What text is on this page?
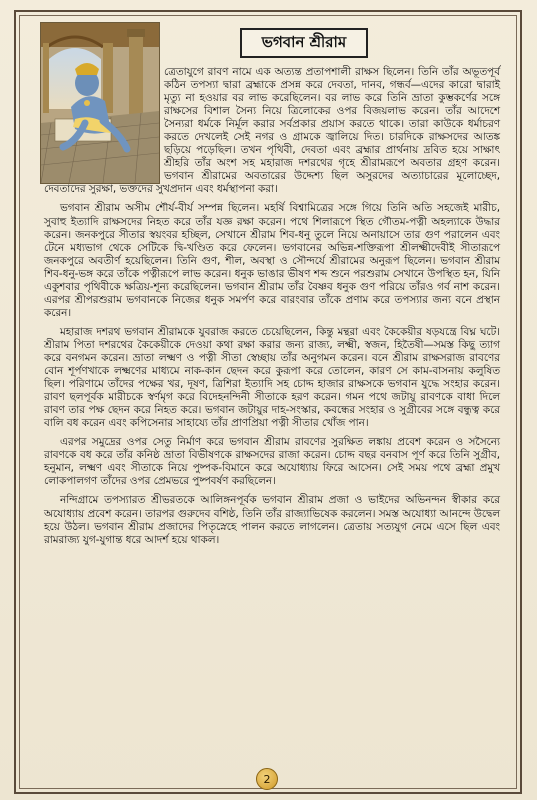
ভগবান শ্রীরাম

ত্রেতাযুগে রাবণ নামে এক অত্যন্ত প্রতাপশালী রাক্ষস ছিলেন। তিনি তাঁর অভূতপূর্ব কঠিন তপস্যা দ্বারা ব্রহ্মাকে প্রসন্ন করে দেবতা, দানব, গন্ধর্ব—এদের কারো দ্বারাই মৃত্যু না হওয়ার বর লাভ করেছিলেন। বর লাভ করে তিনি ভ্রাতা কুম্ভকর্ণের সঙ্গে রাক্ষসের বিশাল সৈন্য নিয়ে ত্রিলোকের ওপর বিজয়লাভ করেন। তাঁর আদেশে সৈন্যরা ধর্মকে নির্মূল করার সর্বপ্রকার প্রয়াস করতে থাকে। তারা কাউকে ধর্মাচরণ করতে দেখলেই সেই নগর ও গ্রামকে জ্বালিয়ে দিত। চারদিকে রাক্ষসদের আতঙ্ক ছড়িয়ে পড়েছিল। তখন পৃথিবী, দেবতা এবং ব্রহ্মার প্রার্থনায় দ্রবিত হয়ে সাক্ষাৎ শ্রীহরি তাঁর অংশ সহ মহারাজ দশরথের গৃহে শ্রীরামরূপে অবতার গ্রহণ করেন। ভগবান শ্রীরামের অবতারের উদ্দেশ্য ছিল অসুরদের অত্যাচারের মূলোচ্ছেদ, দেবতাদের সুরক্ষা, ভক্তদের সুখপ্রদান এবং ধর্মস্থাপনা করা।

ভগবান শ্রীরাম অসীম শৌর্য-বীর্য সম্পন্ন ছিলেন। মহর্ষি বিশ্বামিত্রের সঙ্গে গিয়ে তিনি অতি সহজেই মারীচ, সুবাহু ইত্যাদি রাক্ষসদের নিহত করে তাঁর যজ্ঞ রক্ষা করেন। পথে শিলারূপে স্থিত গৌতম-পত্নী অহল্যাকে উদ্ধার করেন। জনকপুরে সীতার স্বয়ংবর হচ্ছিল, সেখানে শ্রীরাম শিব-ধনু তুলে নিয়ে অনায়াসে তার গুণ পরালেন এবং টেনে মধ্যভাগ থেকে সেটিকে দ্বি-খণ্ডিত করে ফেলেন। ভগবানের অভিন্ন-শক্তিরূপা শ্রীলক্ষ্মীদেবীই সীতারূপে জনকপুরে অবতীর্ণ হয়েছিলেন। তিনি গুণ, শীল, অবস্থা ও সৌন্দর্যে শ্রীরামের অনুরূপ ছিলেন। ভগবান শ্রীরাম শিব-ধনু-ভঙ্গ করে তাঁকে পত্নীরূপে লাভ করেন। ধনুক ভাঙার ভীষণ শব্দ শুনে পরশুরাম সেখানে উপস্থিত হন, যিনি একুশবার পৃথিবীকে ক্ষত্রিয়-শূন্য করেছিলেন। ভগবান শ্রীরাম তাঁর বৈষ্ণব ধনুক গুণ পরিয়ে তাঁরও গর্ব নাশ করেন। এরপর শ্রীপরশুরাম ভগবানকে নিজের ধনুক সমর্পণ করে বারংবার তাঁকে প্রণাম করে তপস্যার জন্য বনে প্রস্থান করেন।

মহারাজ দশরথ ভগবান শ্রীরামকে যুবরাজ করতে চেয়েছিলেন, কিন্তু মন্থরা এবং কৈকেয়ীর ষড়যন্ত্রে বিঘ্ন ঘটে। শ্রীরাম পিতা দশরথের কৈকেয়ীকে দেওয়া কথা রক্ষা করার জন্য রাজ্য, লক্ষ্মী, স্বজন, হিতৈষী—সমস্ত কিছু ত্যাগ করে বনগমন করেন। ভ্রাতা লক্ষ্মণ ও পত্নী সীতা স্বেচ্ছায় তাঁর অনুগমন করেন। বনে শ্রীরাম রাক্ষসরাজ রাবণের বোন শূর্পণখাকে লক্ষ্মণের মাধ্যমে নাক-কান ছেদন করে কুরূপা করে তোলেন, কারণ সে কাম-বাসনায় কলুষিত ছিল। পরিণামে তাঁদের পক্ষের খর, দূষণ, ত্রিশিরা ইত্যাদি সহ চোদ্দ হাজার রাক্ষসকে ভগবান যুদ্ধে সংহার করেন। রাবণ ছলপূর্বক মারীচকে স্বর্ণমৃগ করে বিদেহনন্দিনী সীতাকে হরণ করেন। গমন পথে জটায়ু রাবণকে বাধা দিলে রাবণ তার পক্ষ ছেদন করে নিহত করে। ভগবান জটায়ুর দাহ-সংস্কার, কবন্ধের সংহার ও সুগ্রীবের সঙ্গে বন্ধুত্ব করে বালি বধ করেন এবং কপিসেনার সাহায্যে তাঁর প্রাণপ্রিয়া পত্নী সীতার খোঁজ পান।

এরপর সমুদ্রের ওপর সেতু নির্মাণ করে ভগবান শ্রীরাম রাবণের সুরক্ষিত লঙ্কায় প্রবেশ করেন ও সসৈন্যে রাবণকে বধ করে তাঁর কনিষ্ঠ ভ্রাতা বিভীষণকে রাক্ষসদের রাজা করেন। চোদ্দ বছর বনবাস পূর্ণ করে তিনি সুগ্রীব, হনুমান, লক্ষ্মণ এবং সীতাকে নিয়ে পুষ্পক-বিমানে করে অযোধ্যায় ফিরে আসেন। সেই সময় পথে ব্রহ্মা প্রমুখ লোকপালগণ তাঁদের ওপর প্রেমভরে পুষ্পবর্ষণ করছিলেন।

নন্দিগ্রামে তপস্যারত শ্রীভরতকে আলিঙ্গনপূর্বক ভগবান শ্রীরাম প্রজা ও ভাইদের অভিনন্দন স্বীকার করে অযোধ্যায় প্রবেশ করেন। তারপর গুরুদেব বশিষ্ঠ, তিনি তাঁর রাজ্যাভিষেক করলেন। সমস্ত অযোধ্যা আনন্দে উদ্বেল হয়ে উঠল। ভগবান শ্রীরাম প্রজাদের পিতৃস্নেহে পালন করতে লাগলেন। ত্রেতায় সত্যযুগ নেমে এসে ছিল এবং রামরাজ্য যুগ-যুগান্ত ধরে আদর্শ হয়ে থাকল।

2
